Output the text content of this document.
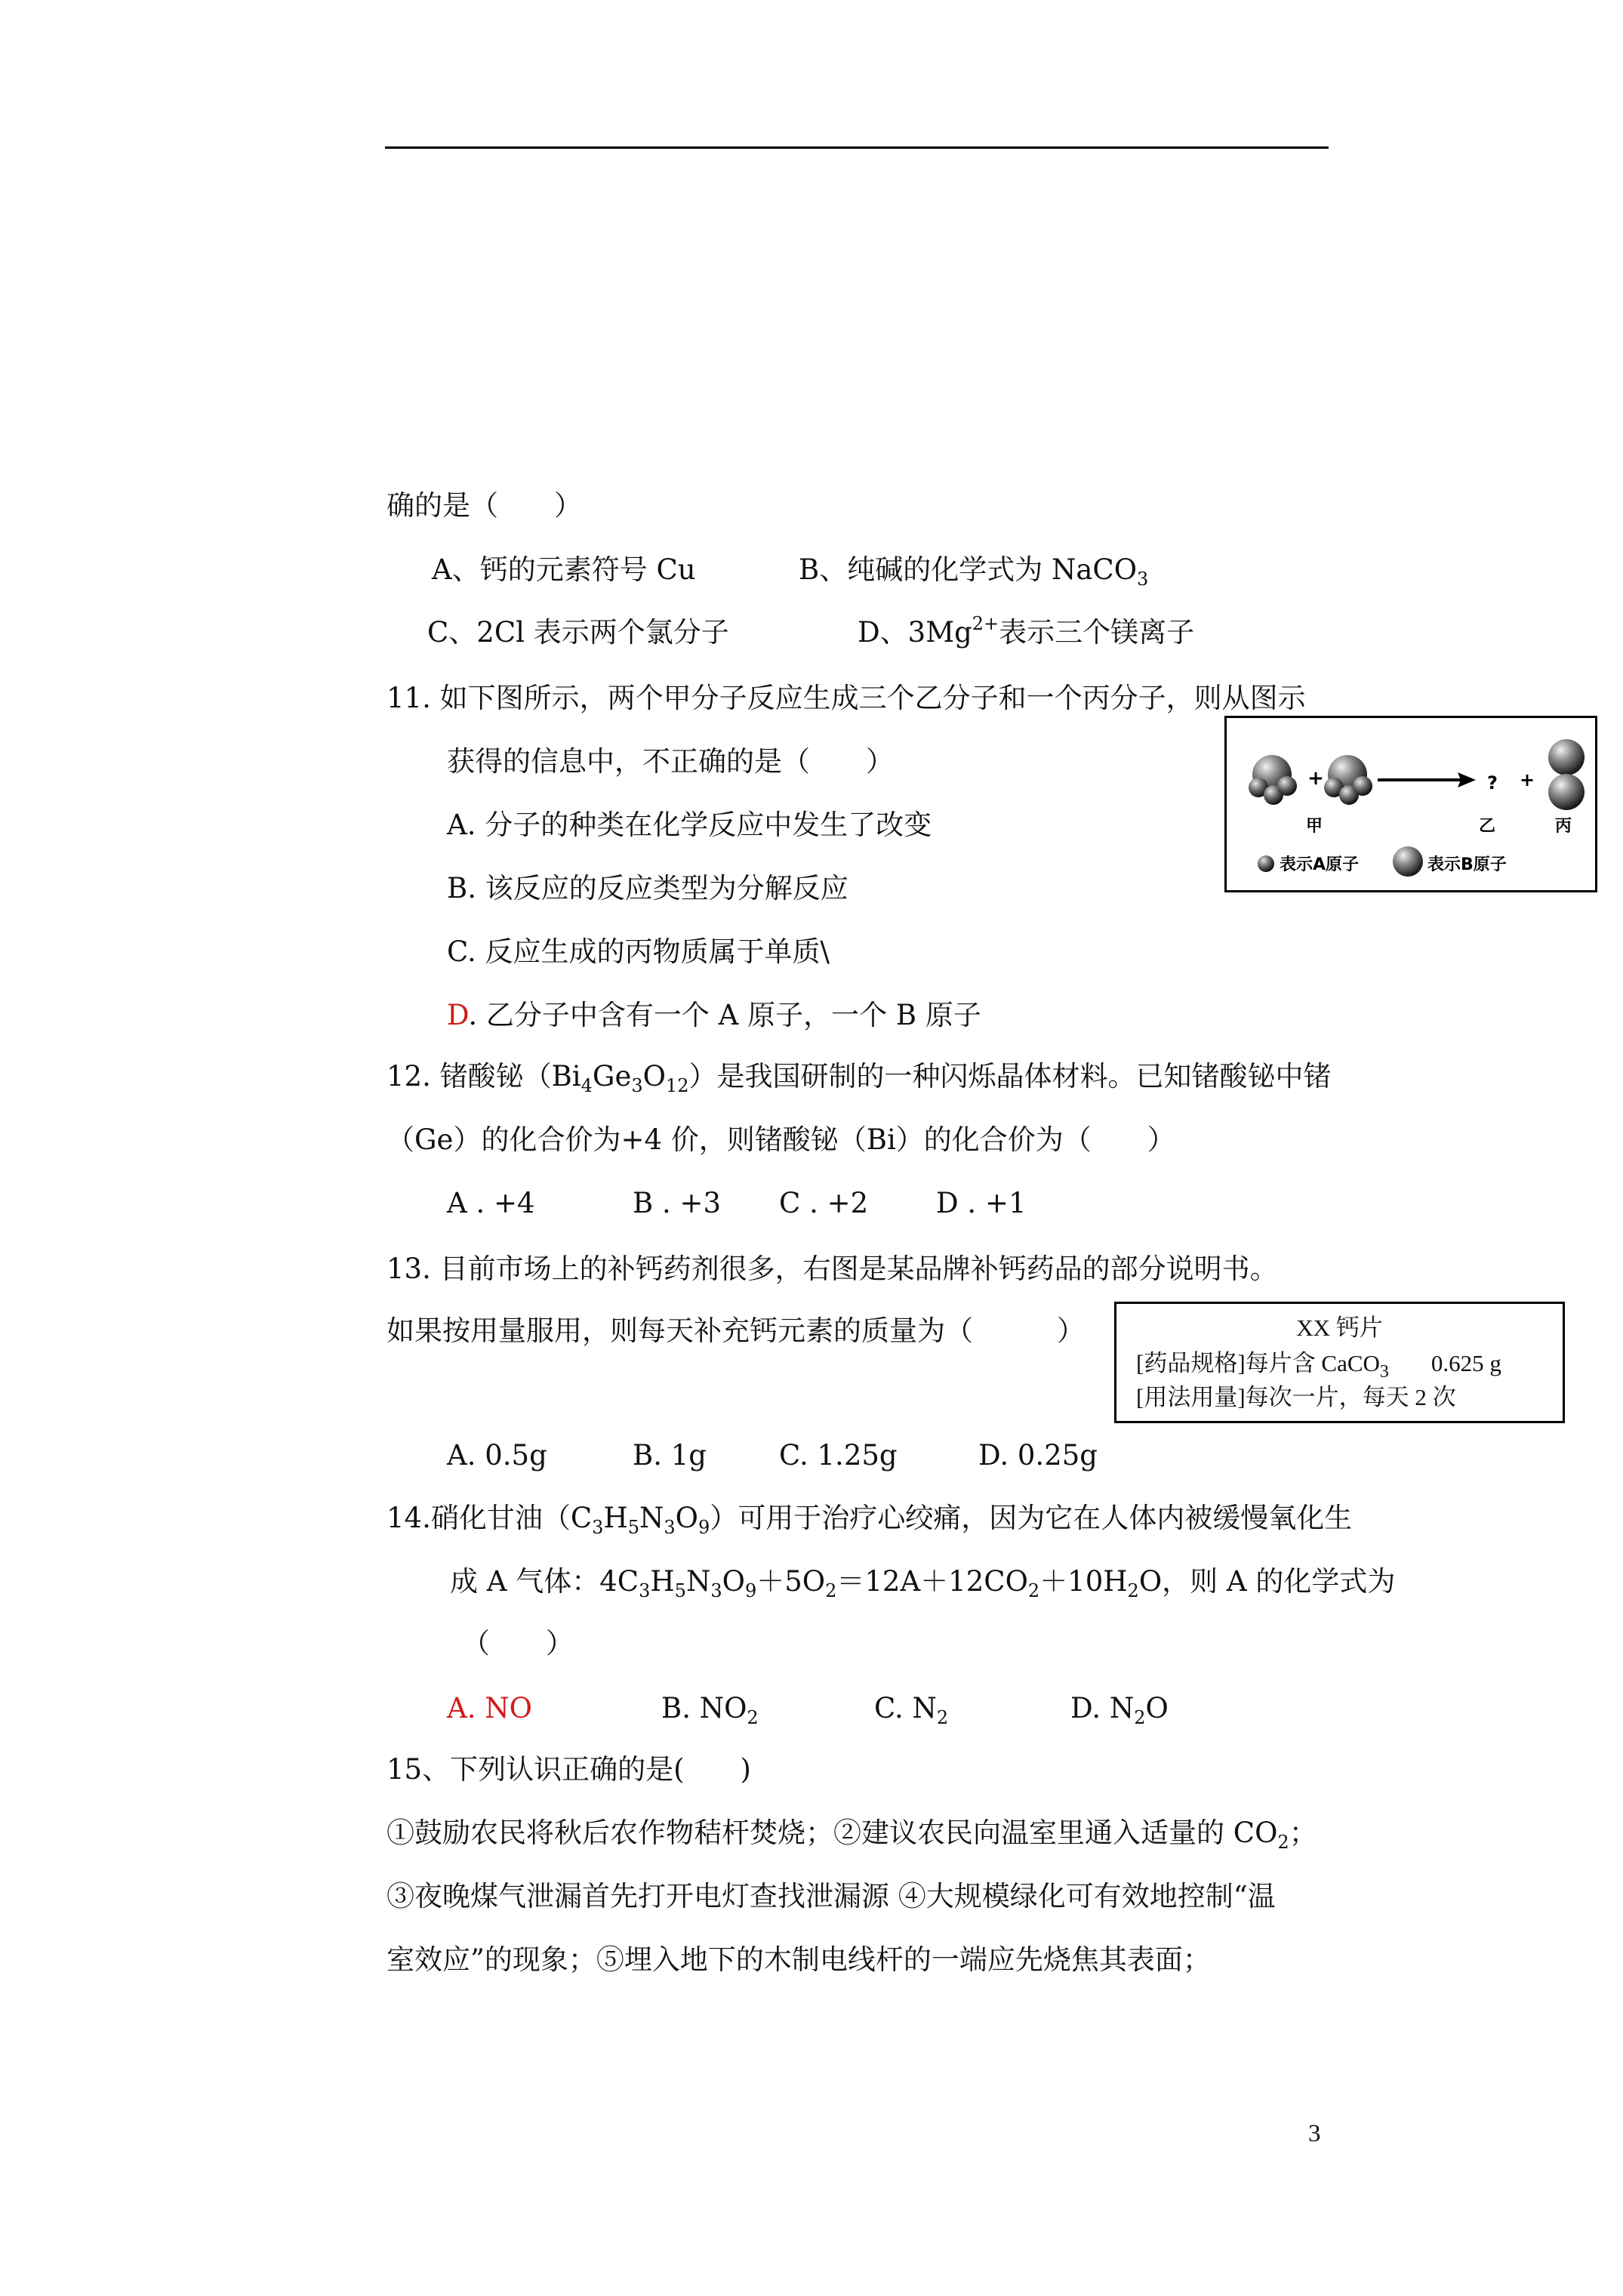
确的是（　　）
A、钙的元素符号 Cu	B、纯碱的化学式为 NaCO$_3$
C、2Cl 表示两个氯分子	D、$3Mg^{2+}$表示三个镁离子
11. 如下图所示，两个甲分子反应生成三个乙分子和一个丙分子，则从图示
获得的信息中，不正确的是（　　）
A. 分子的种类在化学反应中发生了改变
B. 该反应的反应类型为分解反应
C. 反应生成的丙物质属于单质\
D. 乙分子中含有一个 A 原子，一个 B 原子
+	? +
甲	乙	丙
表示A原子	表示B原子
12. 锗酸铋$(Bi_4Ge_3O_{12})$是我国研制的一种闪烁晶体材料。已知锗酸铋中锗
（Ge）的化合价为+4 价，则锗酸铋（Bi）的化合价为（　　）
A . +4	B . +3 C . +2 D . +1
13. 目前市场上的补钙药剂很多，右图是某品牌补钙药品的部分说明书。
如果按用量服用，则每天补充钙元素的质量为（　　　）	XX 钙片
[药品规格]每片含 CaCO$_3$ 0.625 g
[用法用量]每次一片，每天 2 次
A. 0.5g	B. 1g	C. 1.25g	D. 0.25g
14.硝化甘油$(C_3H_5N_3O_9)$可用于治疗心绞痛，因为它在人体内被缓慢氧化生
成 A 气体：$4C_3H_5N_3O_9+5O_2=12A+12CO_2+10H_2O$，则 A 的化学式为
（　　）
A. NO	B. $NO_2$	C. $N_2$	D. $N_2O$
15、下列认识正确的是(　　)
①鼓励农民将秋后农作物秸杆焚烧；②建议农民向温室里通入适量的 $CO_2$；
③夜晚煤气泄漏首先打开电灯查找泄漏源 ④大规模绿化可有效地控制“温
室效应”的现象；⑤埋入地下的木制电线杆的一端应先烧焦其表面；
3
